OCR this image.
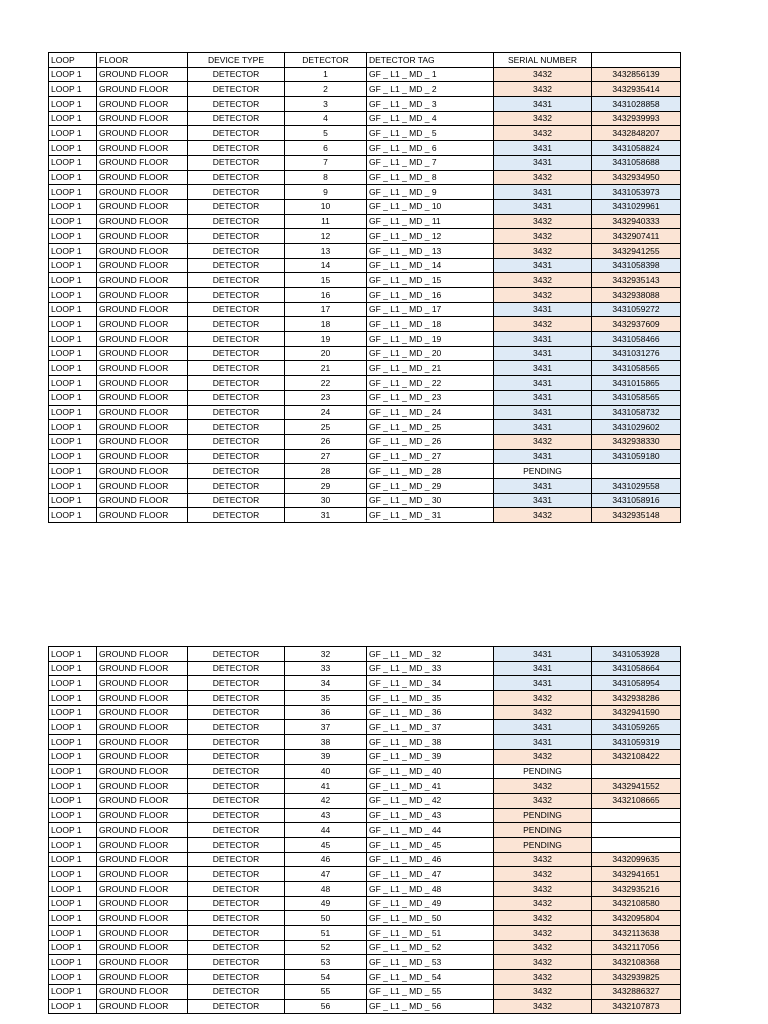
LOOP	FLOOR	DEVICE TYPE	DETECTOR	DETECTOR TAG	SERIAL NUMBER	
LOOP 1	GROUND FLOOR	DETECTOR	1	GF _ L1 _ MD _ 1	3432	3432856139
LOOP 1	GROUND FLOOR	DETECTOR	2	GF _ L1 _ MD _ 2	3432	3432935414
LOOP 1	GROUND FLOOR	DETECTOR	3	GF _ L1 _ MD _ 3	3431	3431028858
LOOP 1	GROUND FLOOR	DETECTOR	4	GF _ L1 _ MD _ 4	3432	3432939993
LOOP 1	GROUND FLOOR	DETECTOR	5	GF _ L1 _ MD _ 5	3432	3432848207
LOOP 1	GROUND FLOOR	DETECTOR	6	GF _ L1 _ MD _ 6	3431	3431058824
LOOP 1	GROUND FLOOR	DETECTOR	7	GF _ L1 _ MD _ 7	3431	3431058688
LOOP 1	GROUND FLOOR	DETECTOR	8	GF _ L1 _ MD _ 8	3432	3432934950
LOOP 1	GROUND FLOOR	DETECTOR	9	GF _ L1 _ MD _ 9	3431	3431053973
LOOP 1	GROUND FLOOR	DETECTOR	10	GF _ L1 _ MD _ 10	3431	3431029961
LOOP 1	GROUND FLOOR	DETECTOR	11	GF _ L1 _ MD _ 11	3432	3432940333
LOOP 1	GROUND FLOOR	DETECTOR	12	GF _ L1 _ MD _ 12	3432	3432907411
LOOP 1	GROUND FLOOR	DETECTOR	13	GF _ L1 _ MD _ 13	3432	3432941255
LOOP 1	GROUND FLOOR	DETECTOR	14	GF _ L1 _ MD _ 14	3431	3431058398
LOOP 1	GROUND FLOOR	DETECTOR	15	GF _ L1 _ MD _ 15	3432	3432935143
LOOP 1	GROUND FLOOR	DETECTOR	16	GF _ L1 _ MD _ 16	3432	3432938088
LOOP 1	GROUND FLOOR	DETECTOR	17	GF _ L1 _ MD _ 17	3431	3431059272
LOOP 1	GROUND FLOOR	DETECTOR	18	GF _ L1 _ MD _ 18	3432	3432937609
LOOP 1	GROUND FLOOR	DETECTOR	19	GF _ L1 _ MD _ 19	3431	3431058466
LOOP 1	GROUND FLOOR	DETECTOR	20	GF _ L1 _ MD _ 20	3431	3431031276
LOOP 1	GROUND FLOOR	DETECTOR	21	GF _ L1 _ MD _ 21	3431	3431058565
LOOP 1	GROUND FLOOR	DETECTOR	22	GF _ L1 _ MD _ 22	3431	3431015865
LOOP 1	GROUND FLOOR	DETECTOR	23	GF _ L1 _ MD _ 23	3431	3431058565
LOOP 1	GROUND FLOOR	DETECTOR	24	GF _ L1 _ MD _ 24	3431	3431058732
LOOP 1	GROUND FLOOR	DETECTOR	25	GF _ L1 _ MD _ 25	3431	3431029602
LOOP 1	GROUND FLOOR	DETECTOR	26	GF _ L1 _ MD _ 26	3432	3432938330
LOOP 1	GROUND FLOOR	DETECTOR	27	GF _ L1 _ MD _ 27	3431	3431059180
LOOP 1	GROUND FLOOR	DETECTOR	28	GF _ L1 _ MD _ 28	PENDING	
LOOP 1	GROUND FLOOR	DETECTOR	29	GF _ L1 _ MD _ 29	3431	3431029558
LOOP 1	GROUND FLOOR	DETECTOR	30	GF _ L1 _ MD _ 30	3431	3431058916
LOOP 1	GROUND FLOOR	DETECTOR	31	GF _ L1 _ MD _ 31	3432	3432935148
LOOP 1	GROUND FLOOR	DETECTOR	32	GF _ L1 _ MD _ 32	3431	3431053928
LOOP 1	GROUND FLOOR	DETECTOR	33	GF _ L1 _ MD _ 33	3431	3431058664
LOOP 1	GROUND FLOOR	DETECTOR	34	GF _ L1 _ MD _ 34	3431	3431058954
LOOP 1	GROUND FLOOR	DETECTOR	35	GF _ L1 _ MD _ 35	3432	3432938286
LOOP 1	GROUND FLOOR	DETECTOR	36	GF _ L1 _ MD _ 36	3432	3432941590
LOOP 1	GROUND FLOOR	DETECTOR	37	GF _ L1 _ MD _ 37	3431	3431059265
LOOP 1	GROUND FLOOR	DETECTOR	38	GF _ L1 _ MD _ 38	3431	3431059319
LOOP 1	GROUND FLOOR	DETECTOR	39	GF _ L1 _ MD _ 39	3432	3432108422
LOOP 1	GROUND FLOOR	DETECTOR	40	GF _ L1 _ MD _ 40	PENDING	
LOOP 1	GROUND FLOOR	DETECTOR	41	GF _ L1 _ MD _ 41	3432	3432941552
LOOP 1	GROUND FLOOR	DETECTOR	42	GF _ L1 _ MD _ 42	3432	3432108665
LOOP 1	GROUND FLOOR	DETECTOR	43	GF _ L1 _ MD _ 43	PENDING	
LOOP 1	GROUND FLOOR	DETECTOR	44	GF _ L1 _ MD _ 44	PENDING	
LOOP 1	GROUND FLOOR	DETECTOR	45	GF _ L1 _ MD _ 45	PENDING	
LOOP 1	GROUND FLOOR	DETECTOR	46	GF _ L1 _ MD _ 46	3432	3432099635
LOOP 1	GROUND FLOOR	DETECTOR	47	GF _ L1 _ MD _ 47	3432	3432941651
LOOP 1	GROUND FLOOR	DETECTOR	48	GF _ L1 _ MD _ 48	3432	3432935216
LOOP 1	GROUND FLOOR	DETECTOR	49	GF _ L1 _ MD _ 49	3432	3432108580
LOOP 1	GROUND FLOOR	DETECTOR	50	GF _ L1 _ MD _ 50	3432	3432095804
LOOP 1	GROUND FLOOR	DETECTOR	51	GF _ L1 _ MD _ 51	3432	3432113638
LOOP 1	GROUND FLOOR	DETECTOR	52	GF _ L1 _ MD _ 52	3432	3432117056
LOOP 1	GROUND FLOOR	DETECTOR	53	GF _ L1 _ MD _ 53	3432	3432108368
LOOP 1	GROUND FLOOR	DETECTOR	54	GF _ L1 _ MD _ 54	3432	3432939825
LOOP 1	GROUND FLOOR	DETECTOR	55	GF _ L1 _ MD _ 55	3432	3432886327
LOOP 1	GROUND FLOOR	DETECTOR	56	GF _ L1 _ MD _ 56	3432	3432107873
